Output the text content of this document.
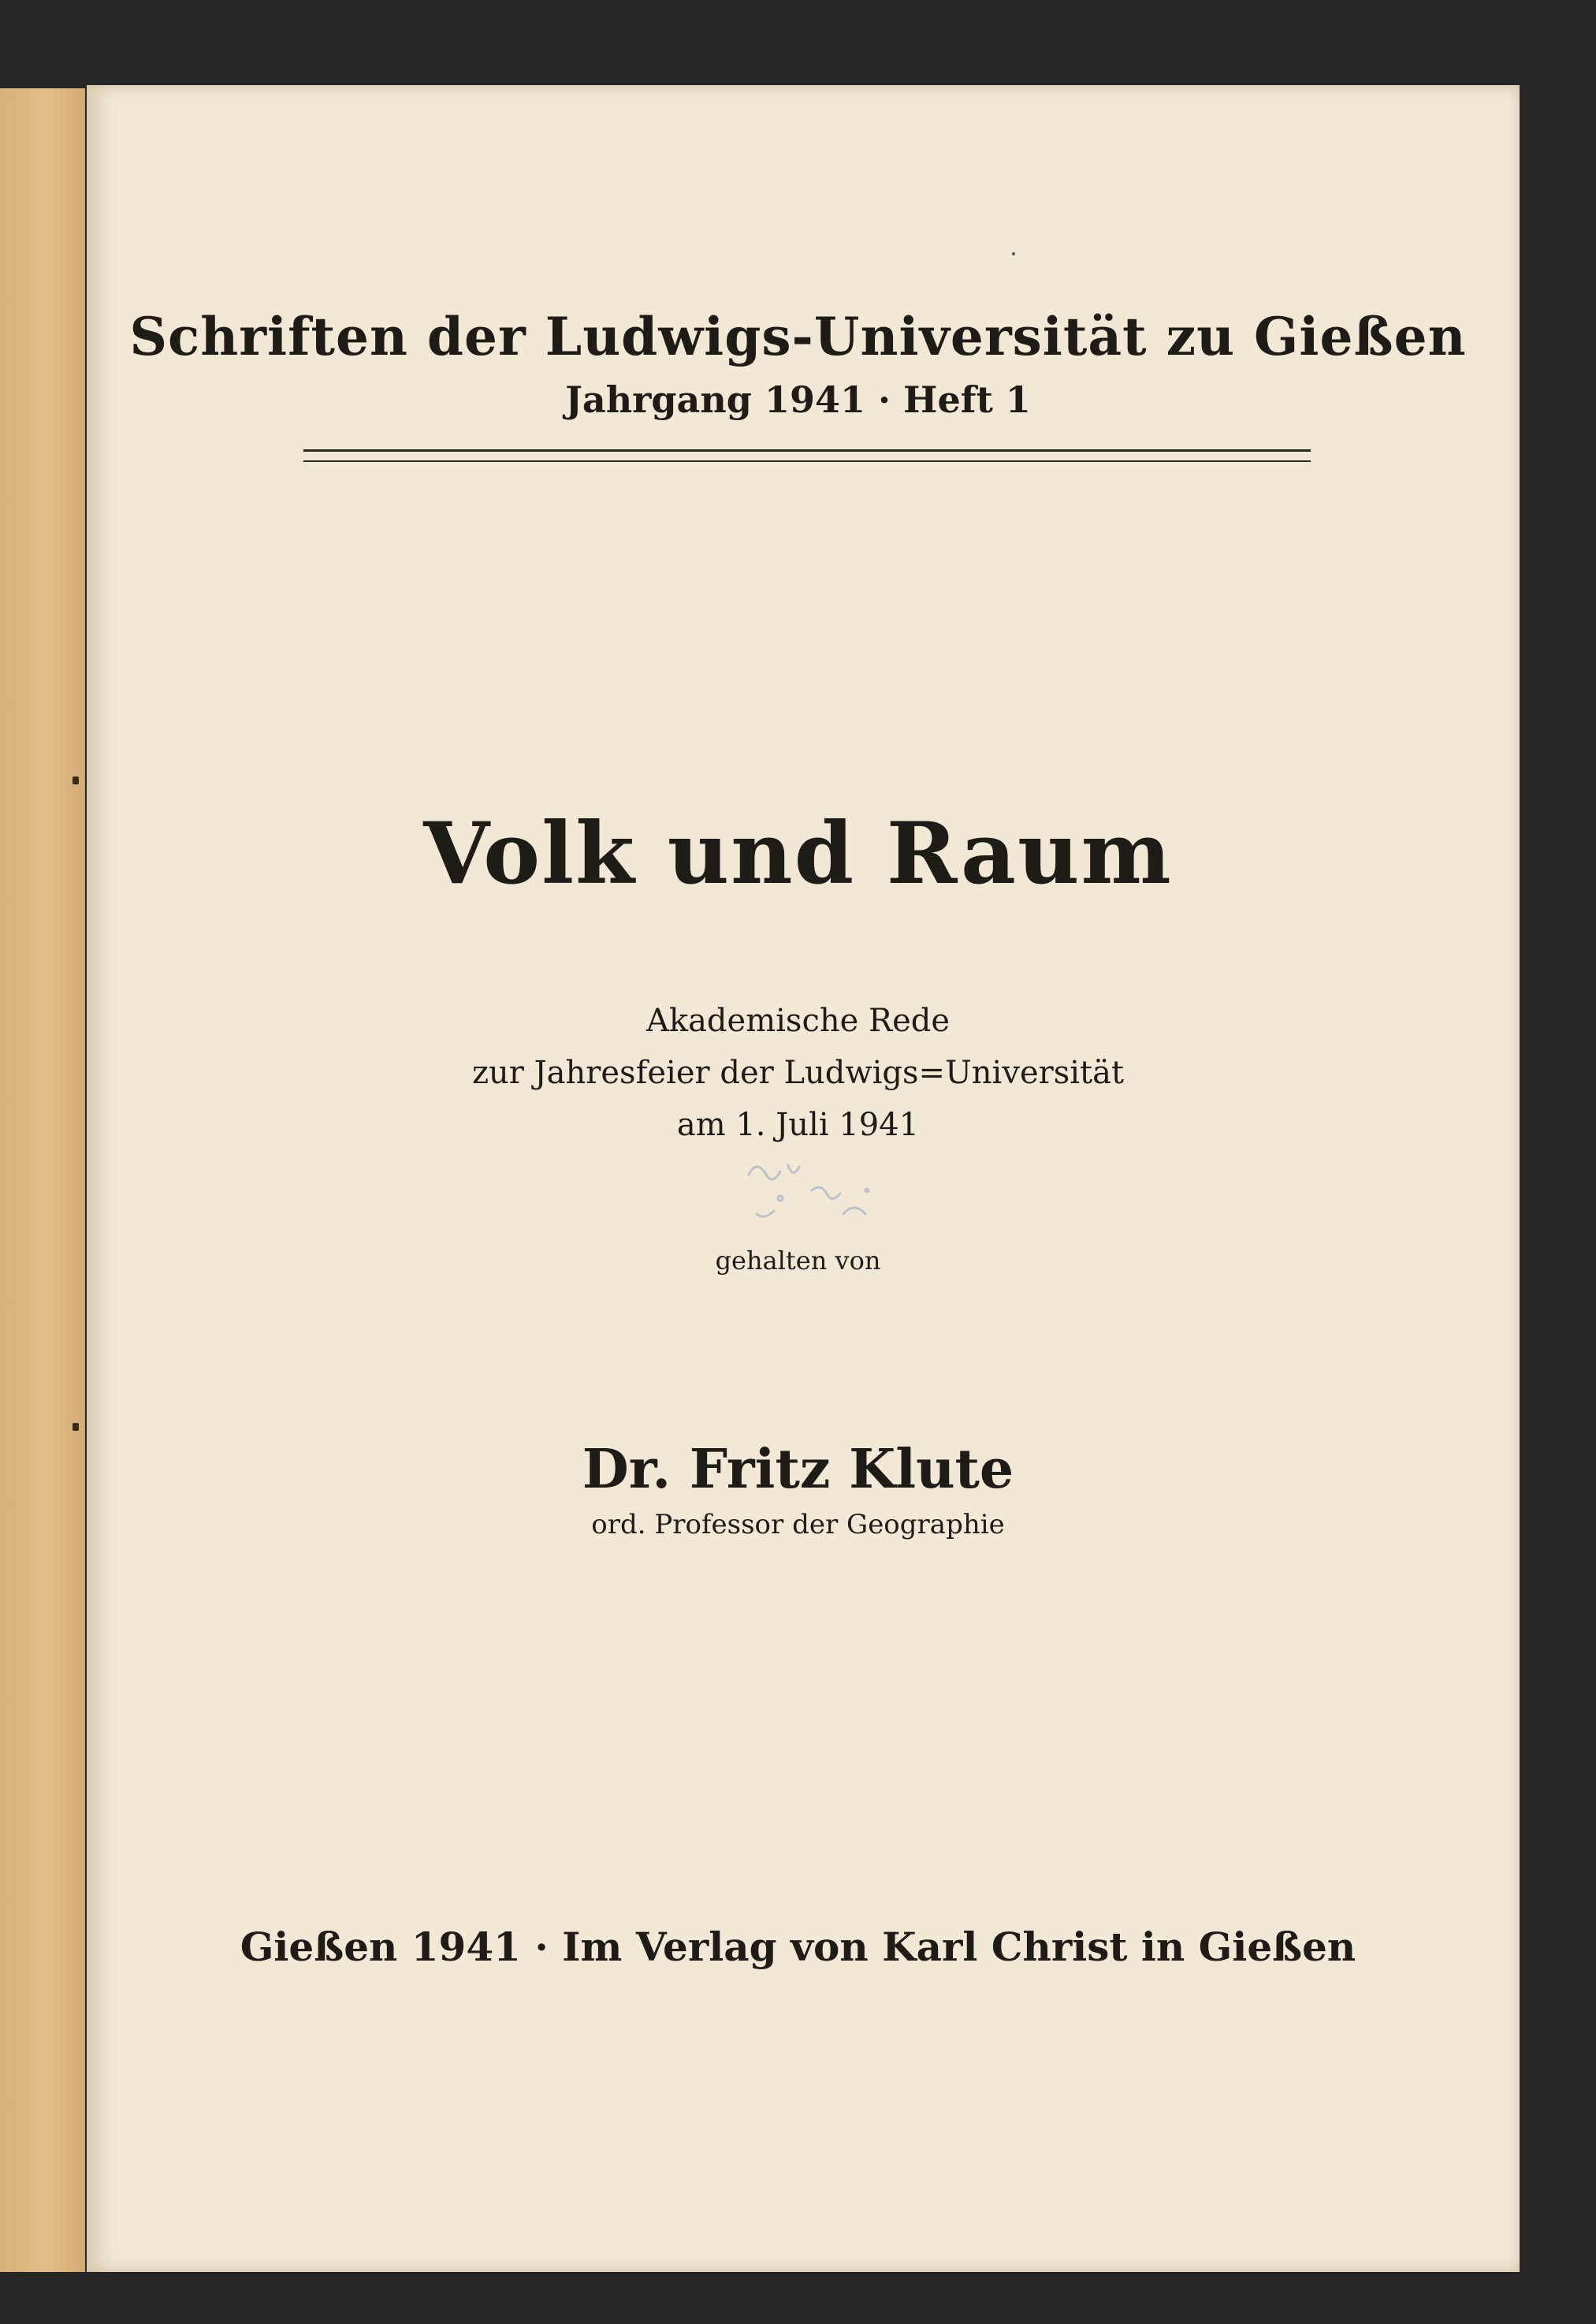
Schriften der Ludwigs-Universität zu Gießen

Jahrgang 1941 · Heft 1

Volk und Raum

Akademische Rede

zur Jahresfeier der Ludwigs=Universität

am 1. Juli 1941

gehalten von

Dr. Fritz Klute

ord. Professor der Geographie

Gießen 1941 · Im Verlag von Karl Christ in Gießen
